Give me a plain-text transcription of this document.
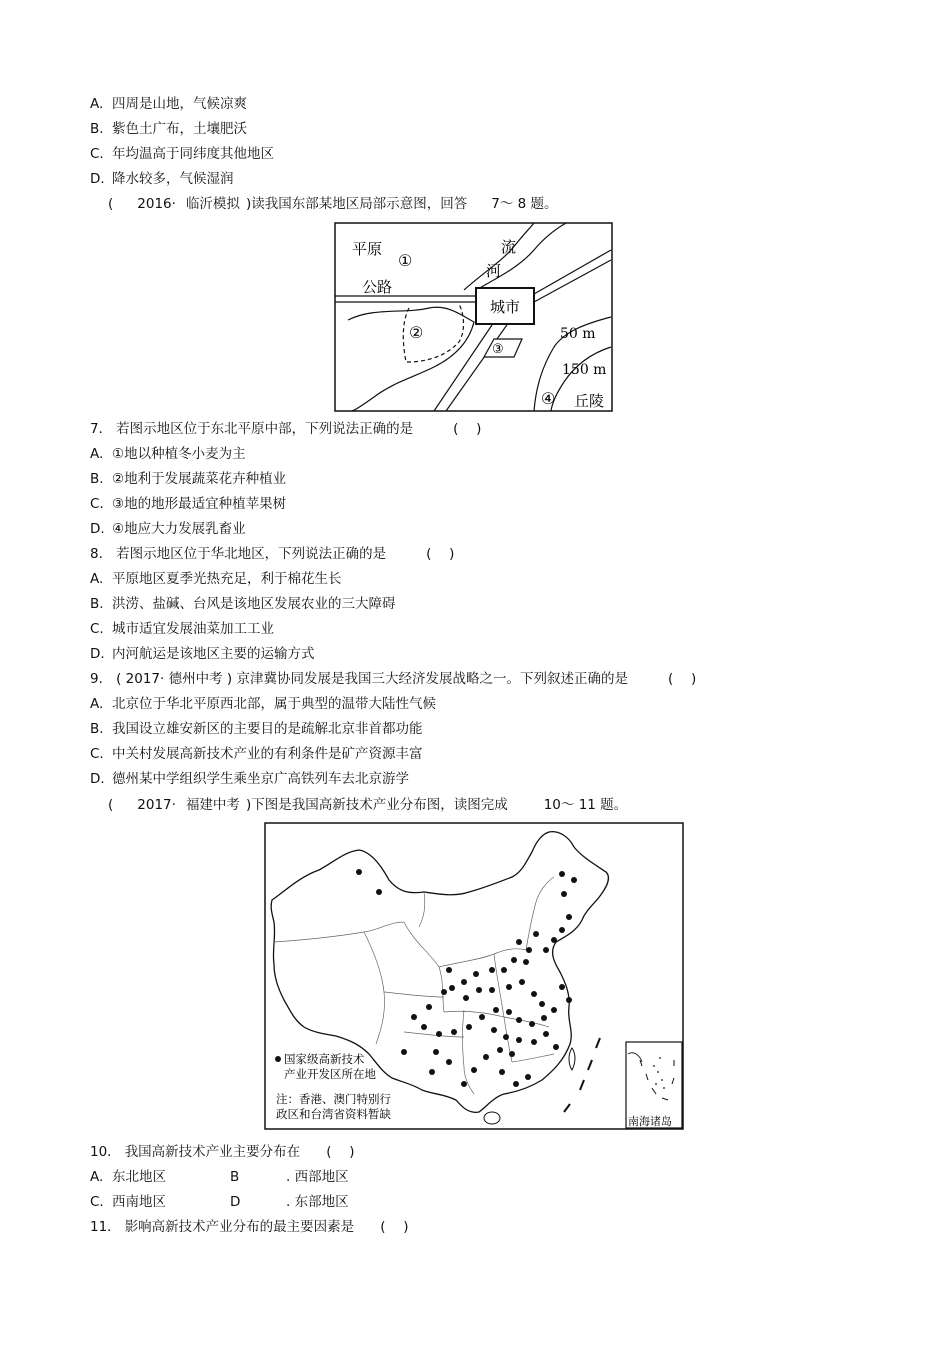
A. 四周是山地，气候凉爽
B. 紫色土广布，土壤肥沃
C. 年均温高于同纬度其他地区
D. 降水较多，气候湿润
( 2016· 临沂模拟 )读我国东部某地区局部示意图，回答 7～ 8 题。
城市
平原
①
公路
流
河
②
③
50 m
150 m
④ 丘陵
7． 若图示地区位于东北平原中部，下列说法正确的是	(　 )
A. ①地以种植冬小麦为主
B. ②地利于发展蔬菜花卉种植业
C. ③地的地形最适宜种植苹果树
D. ④地应大力发展乳畜业
8． 若图示地区位于华北地区，下列说法正确的是	(　 )
A. 平原地区夏季光热充足，利于棉花生长
B. 洪涝、盐碱、台风是该地区发展农业的三大障碍
C. 城市适宜发展油菜加工工业
D. 内河航运是该地区主要的运输方式
9． ( 2017· 德州中考 ) 京津冀协同发展是我国三大经济发展战略之一。下列叙述正确的是	(　 )
A. 北京位于华北平原西北部，属于典型的温带大陆性气候
B. 我国设立雄安新区的主要目的是疏解北京非首都功能
C. 中关村发展高新技术产业的有利条件是矿产资源丰富
D. 德州某中学组织学生乘坐京广高铁列车去北京游学
( 2017· 福建中考 )下图是我国高新技术产业分布图，读图完成	10～ 11 题。
国家级高新技术
产业开发区所在地
注：香港、澳门特别行
政区和台湾省资料暂缺
南海诸岛
10． 我国高新技术产业主要分布在 (　 )
A. 东北地区	B	. 西部地区
C. 西南地区	D	. 东部地区
11． 影响高新技术产业分布的最主要因素是 (　 )
